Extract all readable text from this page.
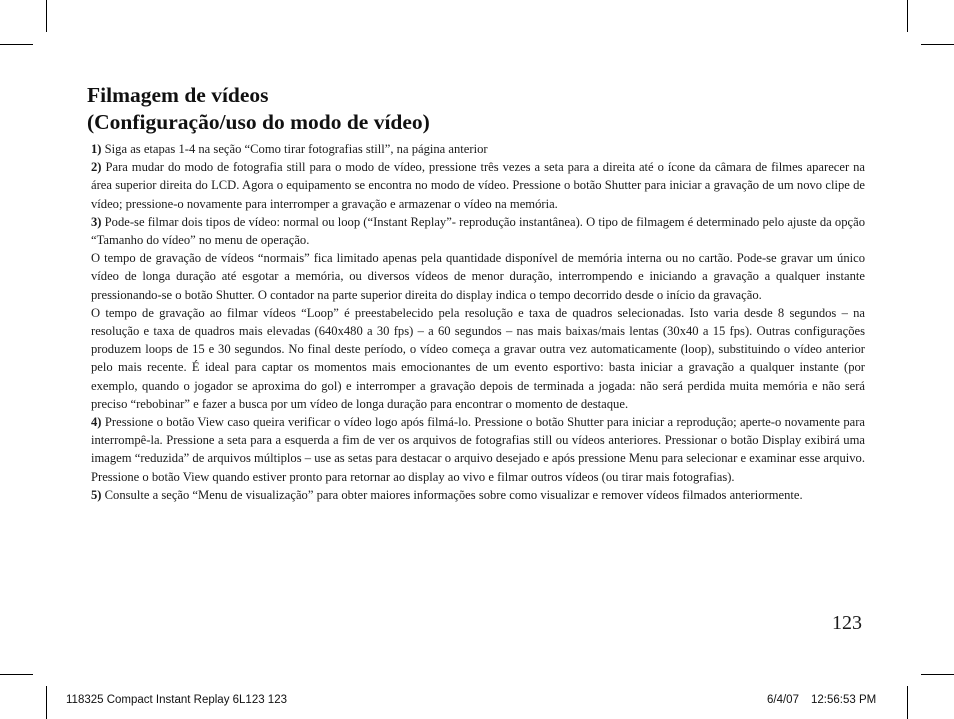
Filmagem de vídeos
(Configuração/uso do modo de vídeo)

1) Siga as etapas 1-4 na seção “Como tirar fotografias still”, na página anterior

2) Para mudar do modo de fotografia still para o modo de vídeo, pressione três vezes a seta para a direita até o ícone da câmara de filmes aparecer na área superior direita do LCD. Agora o equipamento se encontra no modo de vídeo. Pressione o botão Shutter para iniciar a gravação de um novo clipe de vídeo; pressione-o novamente para interromper a gravação e armazenar o vídeo na memória.

3) Pode-se filmar dois tipos de vídeo: normal ou loop (“Instant Replay”- reprodução instantânea). O tipo de filmagem é determinado pelo ajuste da opção “Tamanho do vídeo” no menu de operação.

O tempo de gravação de vídeos “normais” fica limitado apenas pela quantidade disponível de memória interna ou no cartão. Pode-se gravar um único vídeo de longa duração até esgotar a memória, ou diversos vídeos de menor duração, interrompendo e iniciando a gravação a qualquer instante pressionando-se o botão Shutter. O contador na parte superior direita do display indica o tempo decorrido desde o início da gravação.

O tempo de gravação ao filmar vídeos “Loop” é preestabelecido pela resolução e taxa de quadros selecionadas. Isto varia desde 8 segundos – na resolução e taxa de quadros mais elevadas (640x480 a 30 fps) – a 60 segundos – nas mais baixas/mais lentas (30x40 a 15 fps). Outras configurações produzem loops de 15 e 30 segundos. No final deste período, o vídeo começa a gravar outra vez automaticamente (loop), substituindo o vídeo anterior pelo mais recente. É ideal para captar os momentos mais emocionantes de um evento esportivo: basta iniciar a gravação a qualquer instante (por exemplo, quando o jogador se aproxima do gol) e interromper a gravação depois de terminada a jogada: não será perdida muita memória e não será preciso “rebobinar” e fazer a busca por um vídeo de longa duração para encontrar o momento de destaque.

4) Pressione o botão View caso queira verificar o vídeo logo após filmá-lo. Pressione o botão Shutter para iniciar a reprodução; aperte-o novamente para interrompê-la. Pressione a seta para a esquerda a fim de ver os arquivos de fotografias still ou vídeos anteriores. Pressionar o botão Display exibirá uma imagem “reduzida” de arquivos múltiplos – use as setas para destacar o arquivo desejado e após pressione Menu para selecionar e examinar esse arquivo. Pressione o botão View quando estiver pronto para retornar ao display ao vivo e filmar outros vídeos (ou tirar mais fotografias).

5) Consulte a seção “Menu de visualização” para obter maiores informações sobre como visualizar e remover vídeos filmados anteriormente.

123
118325 Compact Instant Replay 6L123 123	6/4/07 12:56:53 PM
